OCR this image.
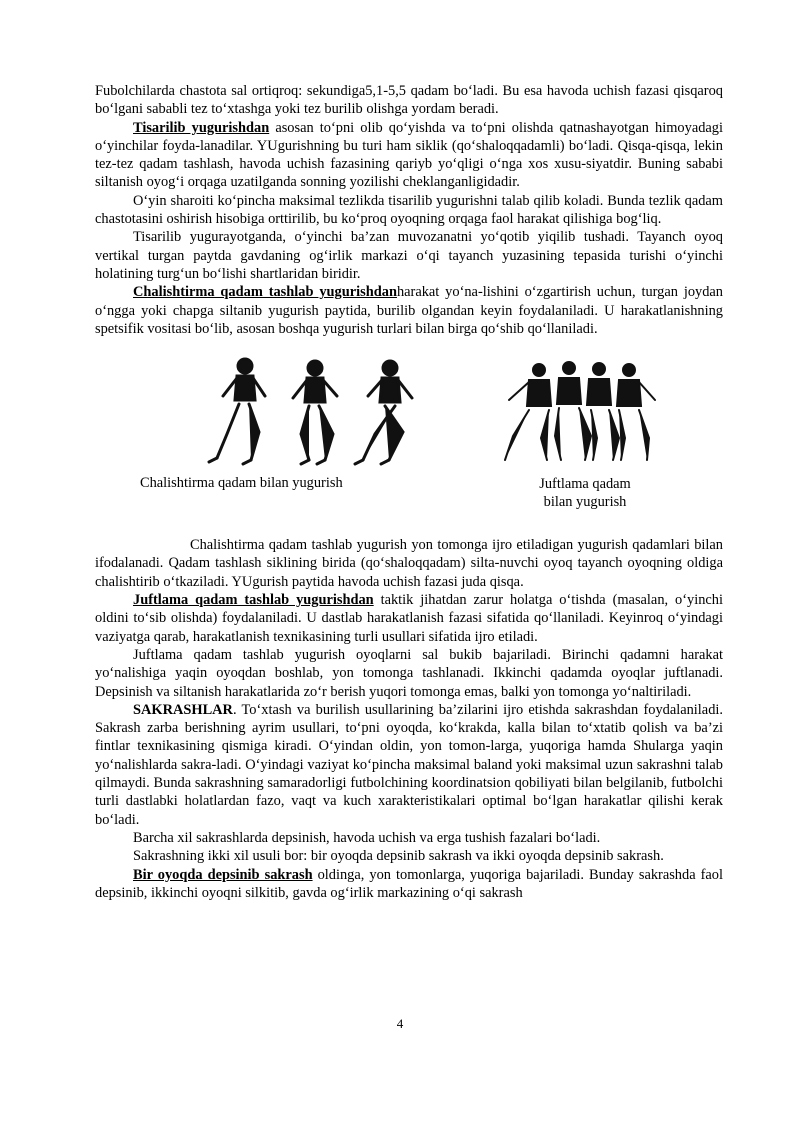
Fubolchilarda chastota sal ortiqroq: sekundiga5,1-5,5 qadam bo‘ladi. Bu esa havoda uchish fazasi qisqaroq bo‘lgani sababli tez to‘xtashga yoki tez burilib olishga yordam beradi.

Tisarilib yugurishdan asosan to‘pni olib qo‘yishda va to‘pni olishda qatnashayotgan himoyadagi o‘yinchilar foyda-lanadilar. YUgurishning bu turi ham siklik (qo‘shaloqqadamli) bo‘ladi. Qisqa-qisqa, lekin tez-tez qadam tashlash, havoda uchish fazasining qariyb yo‘qligi o‘nga xos xusu-siyatdir. Buning sababi siltanish oyog‘i orqaga uzatilganda sonning yozilishi cheklanganligidadir.

O‘yin sharoiti ko‘pincha maksimal tezlikda tisarilib yugurishni talab qilib koladi. Bunda tezlik qadam chastotasini oshirish hisobiga orttirilib, bu ko‘proq oyoqning orqaga faol harakat qilishiga bog‘liq.

Tisarilib yugurayotganda, o‘yinchi ba’zan muvozanatni yo‘qotib yiqilib tushadi. Tayanch oyoq vertikal turgan paytda gavdaning og‘irlik markazi o‘qi tayanch yuzasining tepasida turishi o‘yinchi holatining turg‘un bo‘lishi shartlaridan biridir.

Chalishtirma qadam tashlab yugurishdanharakat yo‘na-lishini o‘zgartirish uchun, turgan joydan o‘ngga yoki chapga siltanib yugurish paytida, burilib olgandan keyin foydalaniladi. U harakatlanishning spetsifik vositasi bo‘lib, asosan boshqa yugurish turlari bilan birga qo‘shib qo‘llaniladi.

Chalishtirma qadam bilan yugurish	Juftlama qadam
bilan yugurish

Chalishtirma qadam tashlab yugurish yon tomonga ijro etiladigan yugurish qadamlari bilan ifodalanadi. Qadam tashlash siklining birida (qo‘shaloqqadam) silta-nuvchi oyoq tayanch oyoqning oldiga chalishtirib o‘tkaziladi. YUgurish paytida havoda uchish fazasi juda qisqa.

Juftlama qadam tashlab yugurishdan taktik jihatdan zarur holatga o‘tishda (masalan, o‘yinchi oldini to‘sib olishda) foydalaniladi. U dastlab harakatlanish fazasi sifatida qo‘llaniladi. Keyinroq o‘yindagi vaziyatga qarab, harakatlanish texnikasining turli usullari sifatida ijro etiladi.

Juftlama qadam tashlab yugurish oyoqlarni sal bukib bajariladi. Birinchi qadamni harakat yo‘nalishiga yaqin oyoqdan boshlab, yon tomonga tashlanadi. Ikkinchi qadamda oyoqlar juftlanadi. Depsinish va siltanish harakatlarida zo‘r berish yuqori tomonga emas, balki yon tomonga yo‘naltiriladi.

SAKRASHLAR. To‘xtash va burilish usullarining ba’zilarini ijro etishda sakrashdan foydalaniladi. Sakrash zarba berishning ayrim usullari, to‘pni oyoqda, ko‘krakda, kalla bilan to‘xtatib qolish va ba’zi fintlar texnikasining qismiga kiradi. O‘yindan oldin, yon tomon-larga, yuqoriga hamda Shularga yaqin yo‘nalishlarda sakra-ladi. O‘yindagi vaziyat ko‘pincha maksimal baland yoki maksimal uzun sakrashni talab qilmaydi. Bunda sakrashning samaradorligi futbolchining koordinatsion qobiliyati bilan belgilanib, futbolchi turli dastlabki holatlardan fazo, vaqt va kuch xarakteristikalari optimal bo‘lgan harakatlar qilishi kerak bo‘ladi.

Barcha xil sakrashlarda depsinish, havoda uchish va erga tushish fazalari bo‘ladi.

Sakrashning ikki xil usuli bor: bir oyoqda depsinib sakrash va ikki oyoqda depsinib sakrash.

Bir oyoqda depsinib sakrash oldinga, yon tomonlarga, yuqoriga bajariladi. Bunday sakrashda faol depsinib, ikkinchi oyoqni silkitib, gavda og‘irlik markazining o‘qi sakrash

4
